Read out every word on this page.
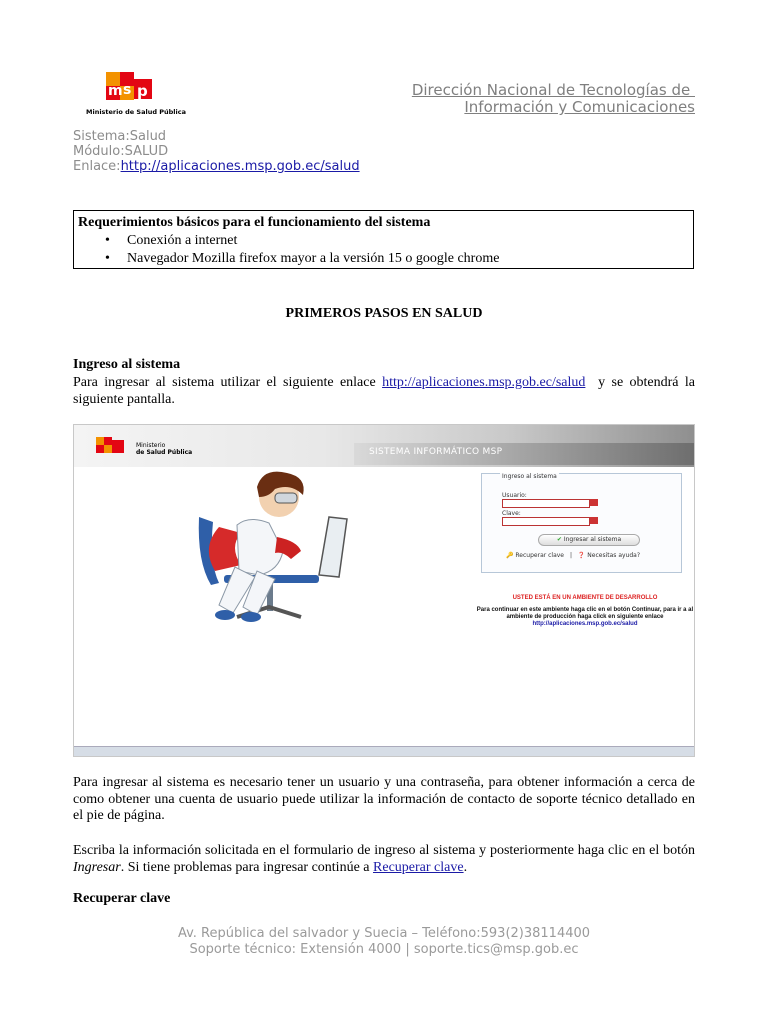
m s p
Ministerio de Salud Pública
Dirección Nacional de Tecnologías de
Información y Comunicaciones
Sistema:Salud
Módulo:SALUD
Enlace:http://aplicaciones.msp.gob.ec/salud
Requerimientos básicos para el funcionamiento del sistema
• Conexión a internet
• Navegador Mozilla firefox mayor a la versión 15 o google chrome
PRIMEROS PASOS EN SALUD
Ingreso al sistema
Para ingresar al sistema utilizar el siguiente enlace http://aplicaciones.msp.gob.ec/salud  y se obtendrá la siguiente pantalla.
SISTEMA INFORMÁTICO MSP
Ministerio
de Salud Pública
Ingreso al sistema
Usuario:
Clave:
✔ Ingresar al sistema
🔑 Recuperar clave | ❓ Necesitas ayuda?
USTED ESTÁ EN UN AMBIENTE DE DESARROLLO
Para continuar en este ambiente haga clic en el botón Continuar, para ir a al ambiente de producción haga click en siguiente enlace http://aplicaciones.msp.gob.ec/salud
Para ingresar al sistema es necesario tener un usuario y una contraseña, para obtener información a cerca de como obtener una cuenta de usuario puede utilizar la información de contacto de soporte técnico detallado en el pie de página.
Escriba la información solicitada en el formulario de ingreso al sistema y posteriormente haga clic en el botón Ingresar. Si tiene problemas para ingresar continúe a Recuperar clave.
Recuperar clave
Av. República del salvador y Suecia – Teléfono:593(2)38114400
Soporte técnico: Extensión 4000 | soporte.tics@msp.gob.ec
